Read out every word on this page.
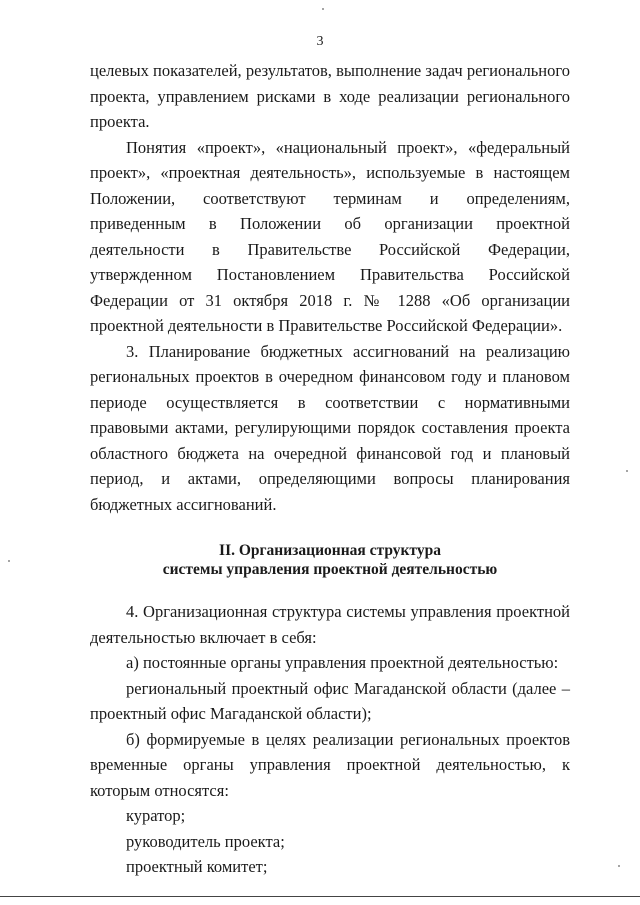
3

целевых показателей, результатов, выполнение задач регионального проекта, управлением рисками в ходе реализации регионального проекта.

Понятия «проект», «национальный проект», «федеральный проект», «проектная деятельность», используемые в настоящем Положении, соответствуют терминам и определениям, приведенным в Положении об организации проектной деятельности в Правительстве Российской Федерации, утвержденном Постановлением Правительства Российской Федерации от 31 октября 2018 г. № 1288 «Об организации проектной деятельности в Правительстве Российской Федерации».

3. Планирование бюджетных ассигнований на реализацию региональных проектов в очередном финансовом году и плановом периоде осуществляется в соответствии с нормативными правовыми актами, регулирующими порядок составления проекта областного бюджета на очередной финансовой год и плановый период, и актами, определяющими вопросы планирования бюджетных ассигнований.

II. Организационная структура
системы управления проектной деятельностью

4. Организационная структура системы управления проектной деятельностью включает в себя:

а) постоянные органы управления проектной деятельностью:

региональный проектный офис Магаданской области (далее – проектный офис Магаданской области);

б) формируемые в целях реализации региональных проектов временные органы управления проектной деятельностью, к которым относятся:

куратор;

руководитель проекта;

проектный комитет;
